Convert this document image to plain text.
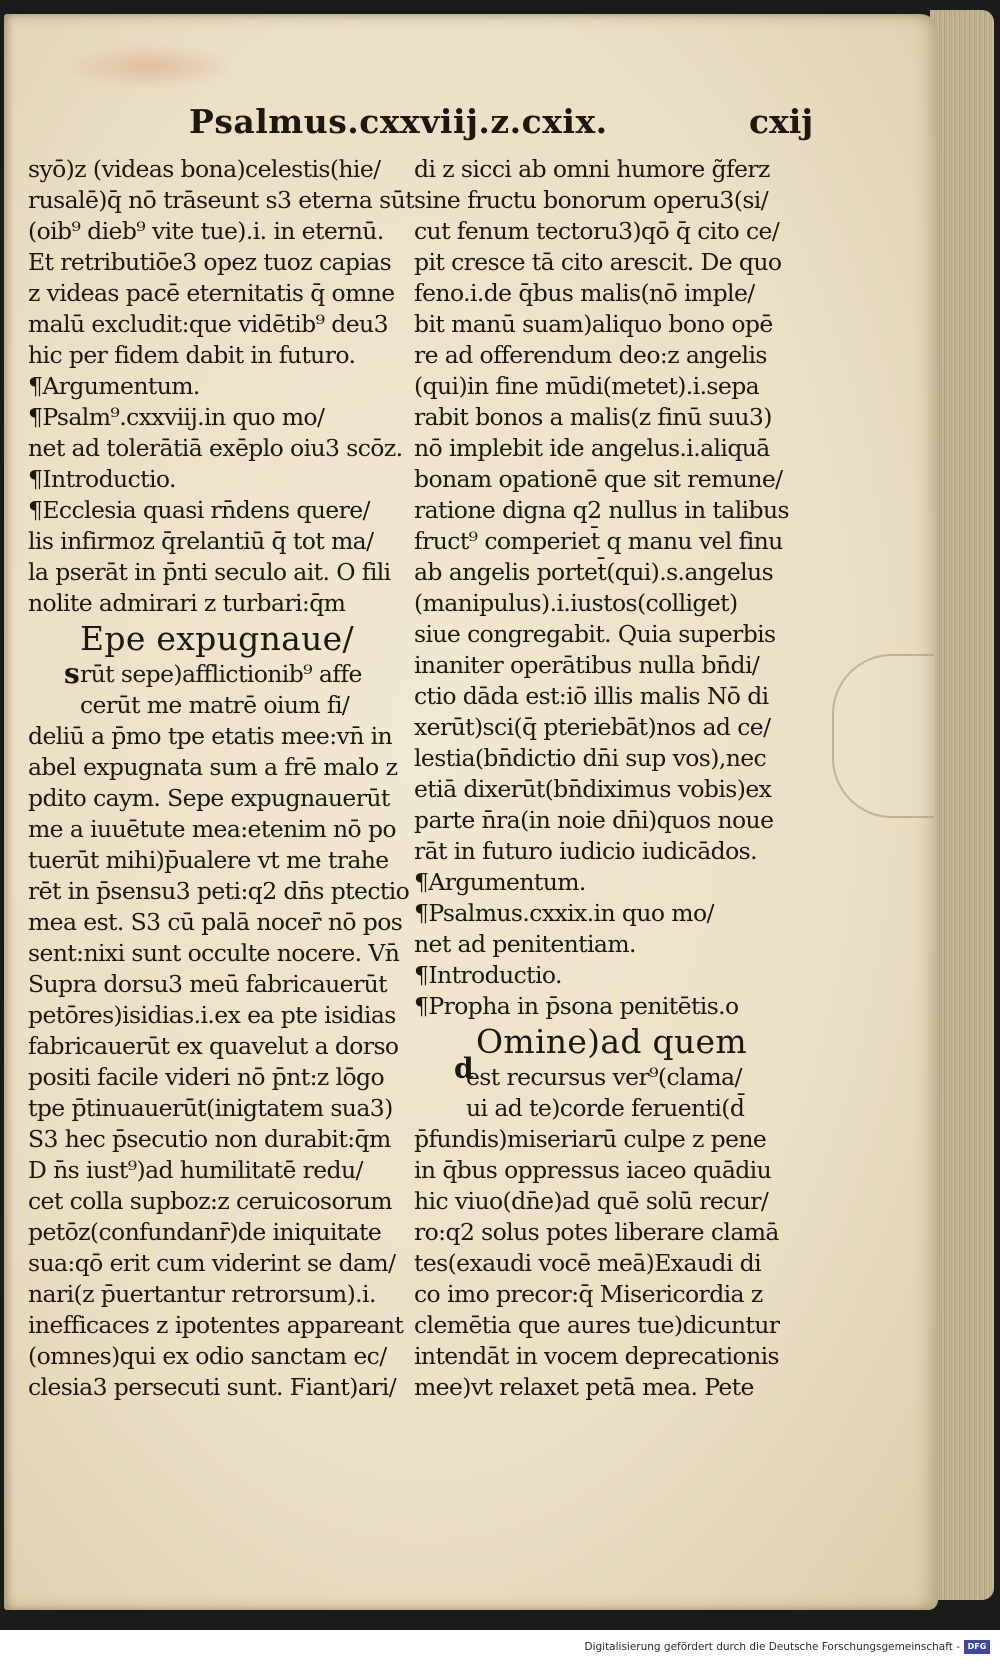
Psalmus.cxxviij.z.cxix.	cxij
syō)z (videas bona)celestis(hie/
rusalē)q̄ nō trāseunt s3 eterna sūt
(oib⁹ dieb⁹ vite tue).i. in eternū.
Et retributiōe3 opez tuoz capias
z videas pacē eternitatis q̄ omne
malū excludit:que vidētib⁹ deu3
hic per fidem dabit in futuro.
¶Argumentum.
¶Psalm⁹.cxxviij.in quo mo/
net ad tolerātiā exēplo oiu3 scōz.
¶Introductio.
¶Ecclesia quasi rn̄dens quere/
lis infirmoz q̄relantiū q̄ tot ma/
la pserāt in p̄nti seculo ait. O fili
nolite admirari z turbari:q̄m
Epe expugnaue/
rūt sepe)afflictionib⁹ affe
cerūt me matrē oium fi/
deliū a p̄mo tpe etatis mee:vn̄ in
abel expugnata sum a frē malo z
pdito caym. Sepe expugnauerūt
me a iuuētute mea:etenim nō po
tuerūt mihi)p̄ualere vt me trahe
rēt in p̄sensu3 peti:q2 dn̄s ptectio
mea est. S3 cū palā nocer̄ nō pos
sent:nixi sunt occulte nocere. Vn̄
Supra dorsu3 meū fabricauerūt
petōres)isidias.i.ex ea pte isidias
fabricauerūt ex quavelut a dorso
positi facile videri nō p̄nt:z lōgo
tpe p̄tinuauerūt(inigtatem sua3)
S3 hec p̄secutio non durabit:q̄m
D n̄s iust⁹)ad humilitatē redu/
cet colla supboz:z ceruicosorum
petōz(confundanr̄)de iniquitate
sua:qō erit cum viderint se dam/
nari(z p̄uertantur retrorsum).i.
inefficaces z ipotentes appareant
(omnes)qui ex odio sanctam ec/
clesia3 persecuti sunt. Fiant)ari/
di z sicci ab omni humore g̃ferz
sine fructu bonorum operu3(si/
cut fenum tectoru3)qō q̄ cito ce/
pit cresce tā cito arescit. De quo
feno.i.de q̄bus malis(nō imple/
bit manū suam)aliquo bono opē
re ad offerendum deo:z angelis
(qui)in fine mūdi(metet).i.sepa
rabit bonos a malis(z finū suu3)
nō implebit ide angelus.i.aliquā
bonam opationē que sit remune/
ratione digna q2 nullus in talibus
fruct⁹ comperiet̄ q manu vel finu
ab angelis portet̄(qui).s.angelus
(manipulus).i.iustos(colliget)
siue congregabit. Quia superbis
inaniter operātibus nulla bn̄di/
ctio dāda est:iō illis malis Nō di
xerūt)sci(q̄ pteriebāt)nos ad ce/
lestia(bn̄dictio dn̄i sup vos),nec
etiā dixerūt(bn̄diximus vobis)ex
parte n̄ra(in noie dn̄i)quos noue
rāt in futuro iudicio iudicādos.
¶Argumentum.
¶Psalmus.cxxix.in quo mo/
net ad penitentiam.
¶Introductio.
¶Propha in p̄sona penitētis.o
Omine)ad quem
est recursus ver⁹(clama/
ui ad te)corde feruenti(d̄
p̄fundis)miseriarū culpe z pene
in q̄bus oppressus iaceo quādiu
hic viuo(dn̄e)ad quē solū recur/
ro:q2 solus potes liberare clamā
tes(exaudi vocē meā)Exaudi di
co imo precor:q̄ Misericordia z
clemētia que aures tue)dicuntur
intendāt in vocem deprecationis
mee)vt relaxet petā mea. Pete
s
d
Digitalisierung gefördert durch die Deutsche Forschungsgemeinschaft - DFG
